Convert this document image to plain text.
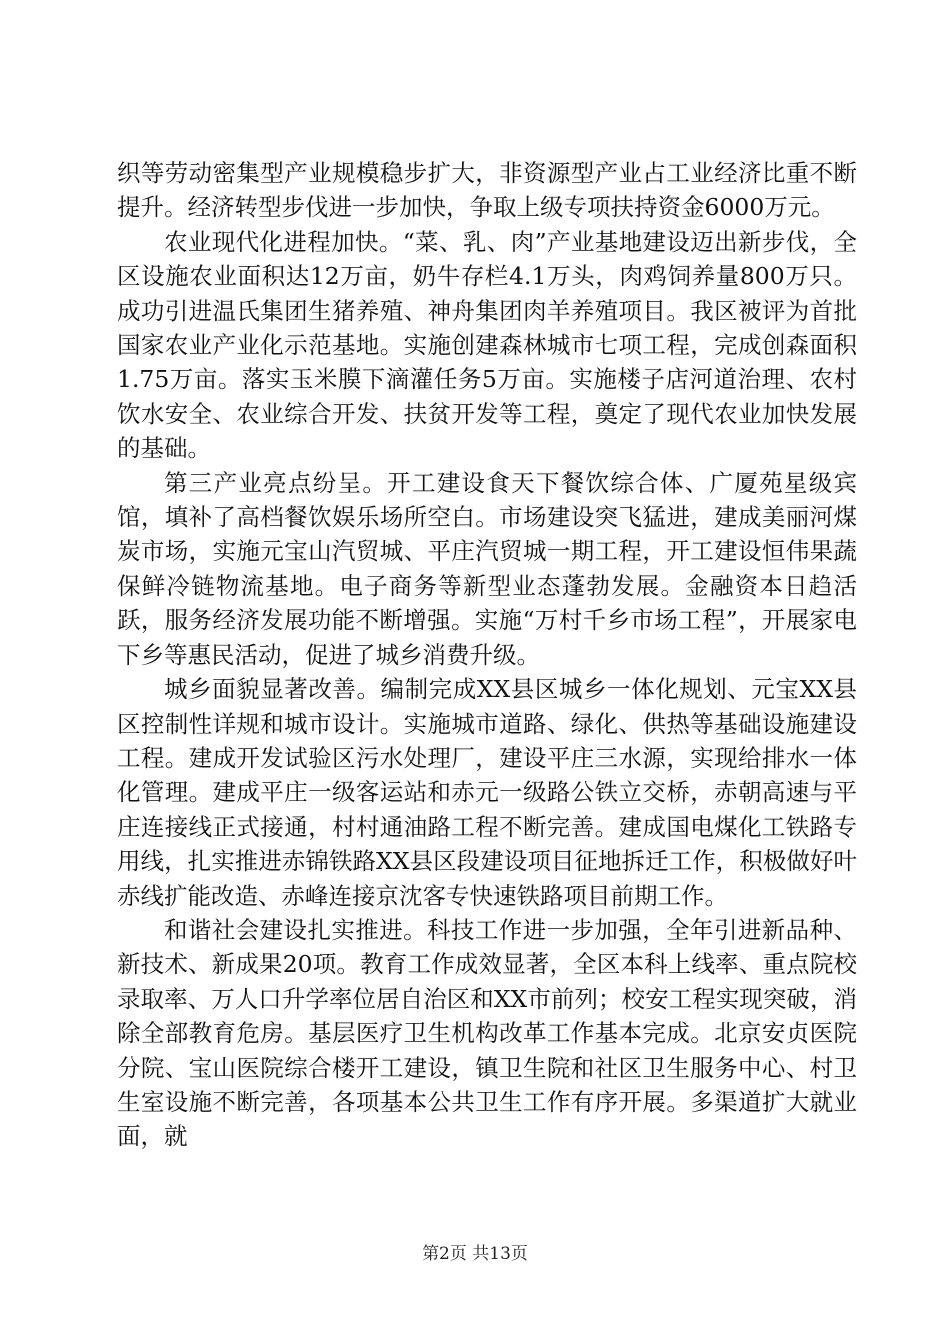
织等劳动密集型产业规模稳步扩大，非资源型产业占工业经济比重不断提升。经济转型步伐进一步加快，争取上级专项扶持资金6000万元。

农业现代化进程加快。“菜、乳、肉”产业基地建设迈出新步伐，全区设施农业面积达12万亩，奶牛存栏4.1万头，肉鸡饲养量800万只。成功引进温氏集团生猪养殖、神舟集团肉羊养殖项目。我区被评为首批国家农业产业化示范基地。实施创建森林城市七项工程，完成创森面积1.75万亩。落实玉米膜下滴灌任务5万亩。实施楼子店河道治理、农村饮水安全、农业综合开发、扶贫开发等工程，奠定了现代农业加快发展的基础。

第三产业亮点纷呈。开工建设食天下餐饮综合体、广厦苑星级宾馆，填补了高档餐饮娱乐场所空白。市场建设突飞猛进，建成美丽河煤炭市场，实施元宝山汽贸城、平庄汽贸城一期工程，开工建设恒伟果蔬保鲜冷链物流基地。电子商务等新型业态蓬勃发展。金融资本日趋活跃，服务经济发展功能不断增强。实施“万村千乡市场工程”，开展家电下乡等惠民活动，促进了城乡消费升级。

城乡面貌显著改善。编制完成XX县区城乡一体化规划、元宝XX县区控制性详规和城市设计。实施城市道路、绿化、供热等基础设施建设工程。建成开发试验区污水处理厂，建设平庄三水源，实现给排水一体化管理。建成平庄一级客运站和赤元一级路公铁立交桥，赤朝高速与平庄连接线正式接通，村村通油路工程不断完善。建成国电煤化工铁路专用线，扎实推进赤锦铁路XX县区段建设项目征地拆迁工作，积极做好叶赤线扩能改造、赤峰连接京沈客专快速铁路项目前期工作。

和谐社会建设扎实推进。科技工作进一步加强，全年引进新品种、新技术、新成果20项。教育工作成效显著，全区本科上线率、重点院校录取率、万人口升学率位居自治区和XX市前列；校安工程实现突破，消除全部教育危房。基层医疗卫生机构改革工作基本完成。北京安贞医院分院、宝山医院综合楼开工建设，镇卫生院和社区卫生服务中心、村卫生室设施不断完善，各项基本公共卫生工作有序开展。多渠道扩大就业面，就

第2页 共13页
